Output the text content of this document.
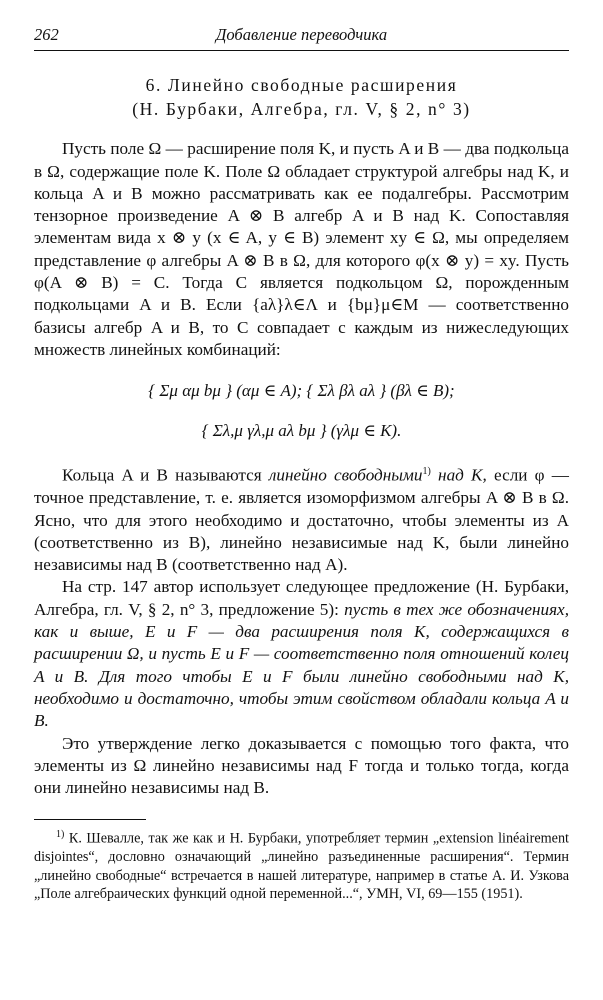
262	Добавление переводчика
6. Линейно свободные расширения
(Н. Бурбаки, Алгебра, гл. V, § 2, n° 3)

Пусть поле Ω — расширение поля K, и пусть A и B — два подкольца в Ω, содержащие поле K. Поле Ω обладает структурой алгебры над K, и кольца A и B можно рассматривать как ее подалгебры. Рассмотрим тензорное произведение A ⊗ B алгебр A и B над K. Сопоставляя элементам вида x ⊗ y (x ∈ A, y ∈ B) элемент xy ∈ Ω, мы определяем представление φ алгебры A ⊗ B в Ω, для которого φ(x ⊗ y) = xy. Пусть φ(A ⊗ B) = C. Тогда C является подкольцом Ω, порожденным подкольцами A и B. Если {aλ}λ∈Λ и {bμ}μ∈M — соответственно базисы алгебр A и B, то C совпадает с каждым из нижеследующих множеств линейных комбинаций:

{ Σμ αμ bμ } (αμ ∈ A); { Σλ βλ aλ } (βλ ∈ B);
{ Σλ,μ γλ,μ aλ bμ } (γλμ ∈ K).

Кольца A и B называются линейно свободными$^{1)}$ над K, если φ — точное представление, т. е. является изоморфизмом алгебры A ⊗ B в Ω. Ясно, что для этого необходимо и достаточно, чтобы элементы из A (соответственно из B), линейно независимые над K, были линейно независимы над B (соответственно над A).

На стр. 147 автор использует следующее предложение (Н. Бурбаки, Алгебра, гл. V, § 2, n° 3, предложение 5): пусть в тех же обозначениях, как и выше, E и F — два расширения поля K, содержащихся в расширении Ω, и пусть E и F — соответственно поля отношений колец A и B. Для того чтобы E и F были линейно свободными над K, необходимо и достаточно, чтобы этим свойством обладали кольца A и B.

Это утверждение легко доказывается с помощью того факта, что элементы из Ω линейно независимы над F тогда и только тогда, когда они линейно независимы над B.

$^{1)}$ К. Шевалле, так же как и Н. Бурбаки, употребляет термин „extension linéairement disjointes“, дословно означающий „линейно разъединенные расширения“. Термин „линейно свободные“ встречается в нашей литературе, например в статье А. И. Узкова „Поле алгебраических функций одной переменной...“, УМН, VI, 69—155 (1951).
